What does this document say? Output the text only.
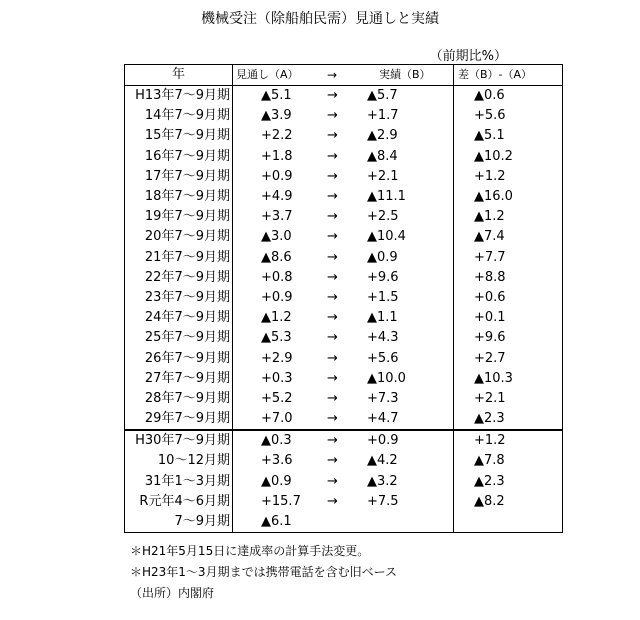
機械受注（除船舶民需）見通しと実績
（前期比%）
年	見通し（A）	→	実績（B）	差（B）-（A）
H13年7～9月期	▲5.1	→	▲5.7	▲0.6
14年7～9月期	▲3.9	→	+1.7	+5.6
15年7～9月期	+2.2	→	▲2.9	▲5.1
16年7～9月期	+1.8	→	▲8.4	▲10.2
17年7～9月期	+0.9	→	+2.1	+1.2
18年7～9月期	+4.9	→	▲11.1	▲16.0
19年7～9月期	+3.7	→	+2.5	▲1.2
20年7～9月期	▲3.0	→	▲10.4	▲7.4
21年7～9月期	▲8.6	→	▲0.9	+7.7
22年7～9月期	+0.8	→	+9.6	+8.8
23年7～9月期	+0.9	→	+1.5	+0.6
24年7～9月期	▲1.2	→	▲1.1	+0.1
25年7～9月期	▲5.3	→	+4.3	+9.6
26年7～9月期	+2.9	→	+5.6	+2.7
27年7～9月期	+0.3	→	▲10.0	▲10.3
28年7～9月期	+5.2	→	+7.3	+2.1
29年7～9月期	+7.0	→	+4.7	▲2.3
H30年7～9月期	▲0.3	→	+0.9	+1.2
10～12月期	+3.6	→	▲4.2	▲7.8
31年1～3月期	▲0.9	→	▲3.2	▲2.3
R元年4～6月期	+15.7	→	+7.5	▲8.2
7～9月期	▲6.1			
＊H21年5月15日に達成率の計算手法変更。
＊H23年1～3月期までは携帯電話を含む旧ベース
（出所）内閣府
